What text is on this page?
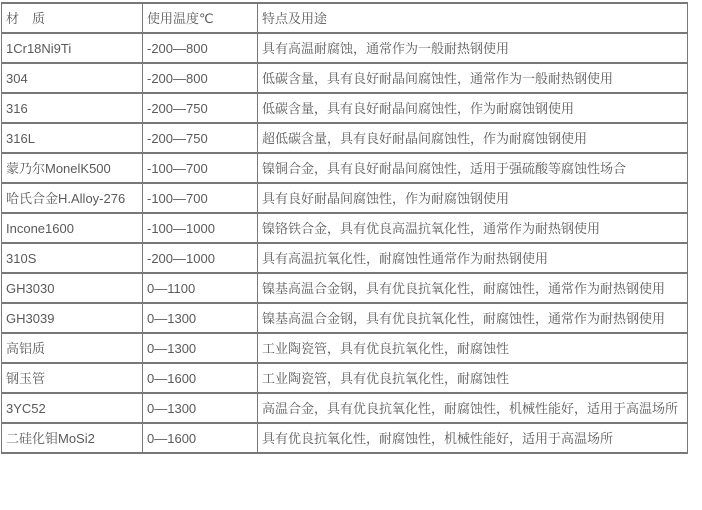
材　质	使用温度℃	特点及用途
1Cr18Ni9Ti	-200—800	具有高温耐腐蚀，通常作为一般耐热钢使用
304	-200—800	低碳含量，具有良好耐晶间腐蚀性，通常作为一般耐热钢使用
316	-200—750	低碳含量，具有良好耐晶间腐蚀性，作为耐腐蚀钢使用
316L	-200—750	超低碳含量，具有良好耐晶间腐蚀性，作为耐腐蚀钢使用
蒙乃尔MonelK500	-100—700	镍铜合金，具有良好耐晶间腐蚀性，适用于强硫酸等腐蚀性场合
哈氏合金H.Alloy-276	-100—700	具有良好耐晶间腐蚀性，作为耐腐蚀钢使用
Incone1600	-100—1000	镍铬铁合金，具有优良高温抗氧化性，通常作为耐热钢使用
310S	-200—1000	具有高温抗氧化性，耐腐蚀性通常作为耐热钢使用
GH3030	0—1100	镍基高温合金钢，具有优良抗氧化性，耐腐蚀性，通常作为耐热钢使用
GH3039	0—1300	镍基高温合金钢，具有优良抗氧化性，耐腐蚀性，通常作为耐热钢使用
高铝质	0—1300	工业陶瓷管，具有优良抗氧化性，耐腐蚀性
钢玉管	0—1600	工业陶瓷管，具有优良抗氧化性，耐腐蚀性
3YC52	0—1300	高温合金，具有优良抗氧化性，耐腐蚀性，机械性能好，适用于高温场所
二硅化钼MoSi2	0—1600	具有优良抗氧化性，耐腐蚀性，机械性能好，适用于高温场所
